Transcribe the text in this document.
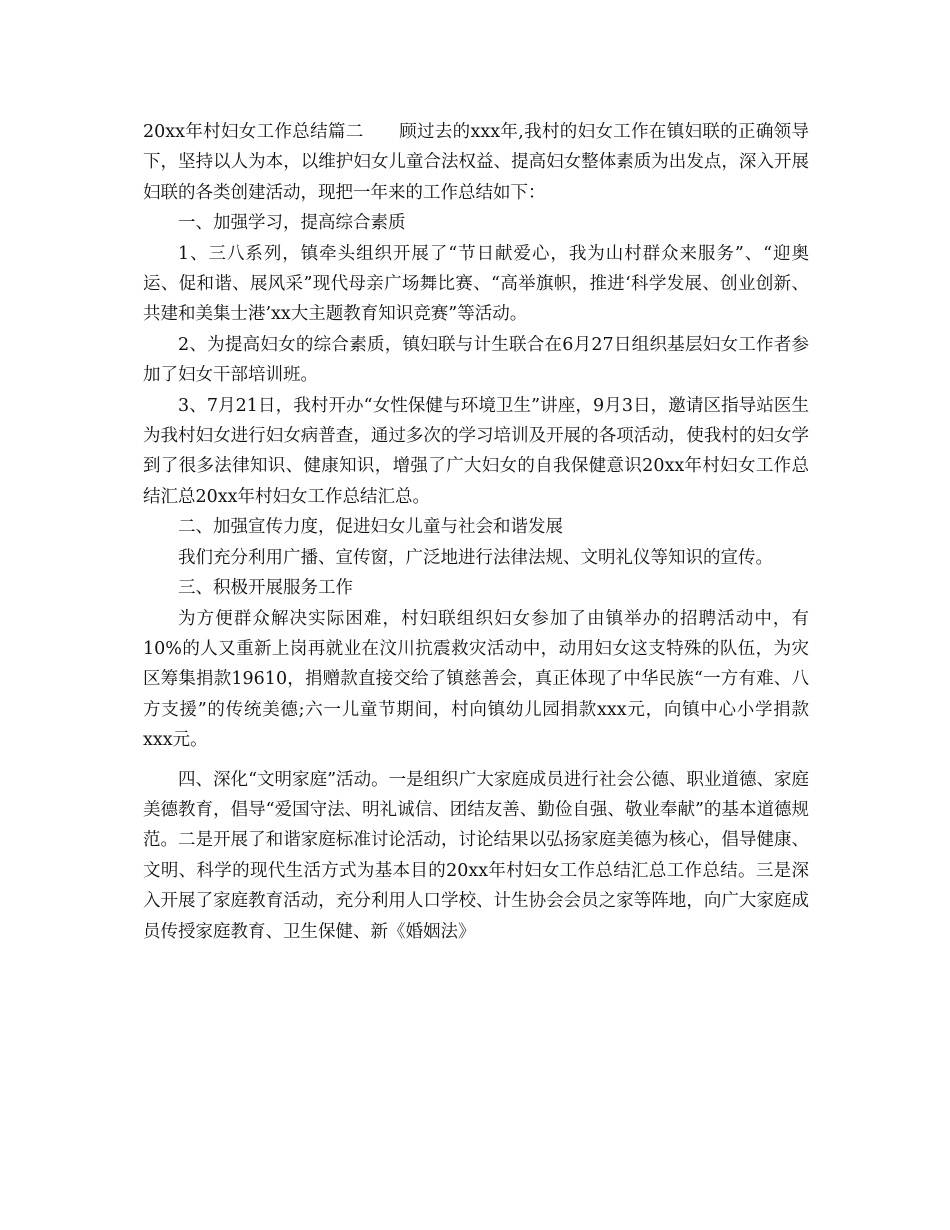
20xx年村妇女工作总结篇二　　顾过去的xxx年,我村的妇女工作在镇妇联的正确领导下，坚持以人为本，以维护妇女儿童合法权益、提高妇女整体素质为出发点，深入开展妇联的各类创建活动，现把一年来的工作总结如下：

一、加强学习，提高综合素质

1、三八系列，镇牵头组织开展了“节日献爱心，我为山村群众来服务”、“迎奥运、促和谐、展风采”现代母亲广场舞比赛、“高举旗帜，推进‘科学发展、创业创新、共建和美集士港’xx大主题教育知识竞赛”等活动。

2、为提高妇女的综合素质，镇妇联与计生联合在6月27日组织基层妇女工作者参加了妇女干部培训班。

3、7月21日，我村开办“女性保健与环境卫生”讲座，9月3日，邀请区指导站医生为我村妇女进行妇女病普查，通过多次的学习培训及开展的各项活动，使我村的妇女学到了很多法律知识、健康知识，增强了广大妇女的自我保健意识20xx年村妇女工作总结汇总20xx年村妇女工作总结汇总。

二、加强宣传力度，促进妇女儿童与社会和谐发展

我们充分利用广播、宣传窗，广泛地进行法律法规、文明礼仪等知识的宣传。

三、积极开展服务工作

为方便群众解决实际困难，村妇联组织妇女参加了由镇举办的招聘活动中，有10%的人又重新上岗再就业在汶川抗震救灾活动中，动用妇女这支特殊的队伍，为灾区筹集捐款19610，捐赠款直接交给了镇慈善会，真正体现了中华民族“一方有难、八方支援”的传统美德;六一儿童节期间，村向镇幼儿园捐款xxx元，向镇中心小学捐款xxx元。

四、深化“文明家庭”活动。一是组织广大家庭成员进行社会公德、职业道德、家庭美德教育，倡导“爱国守法、明礼诚信、团结友善、勤俭自强、敬业奉献”的基本道德规范。二是开展了和谐家庭标准讨论活动，讨论结果以弘扬家庭美德为核心，倡导健康、文明、科学的现代生活方式为基本目的20xx年村妇女工作总结汇总工作总结。三是深入开展了家庭教育活动，充分利用人口学校、计生协会会员之家等阵地，向广大家庭成员传授家庭教育、卫生保健、新《婚姻法》
